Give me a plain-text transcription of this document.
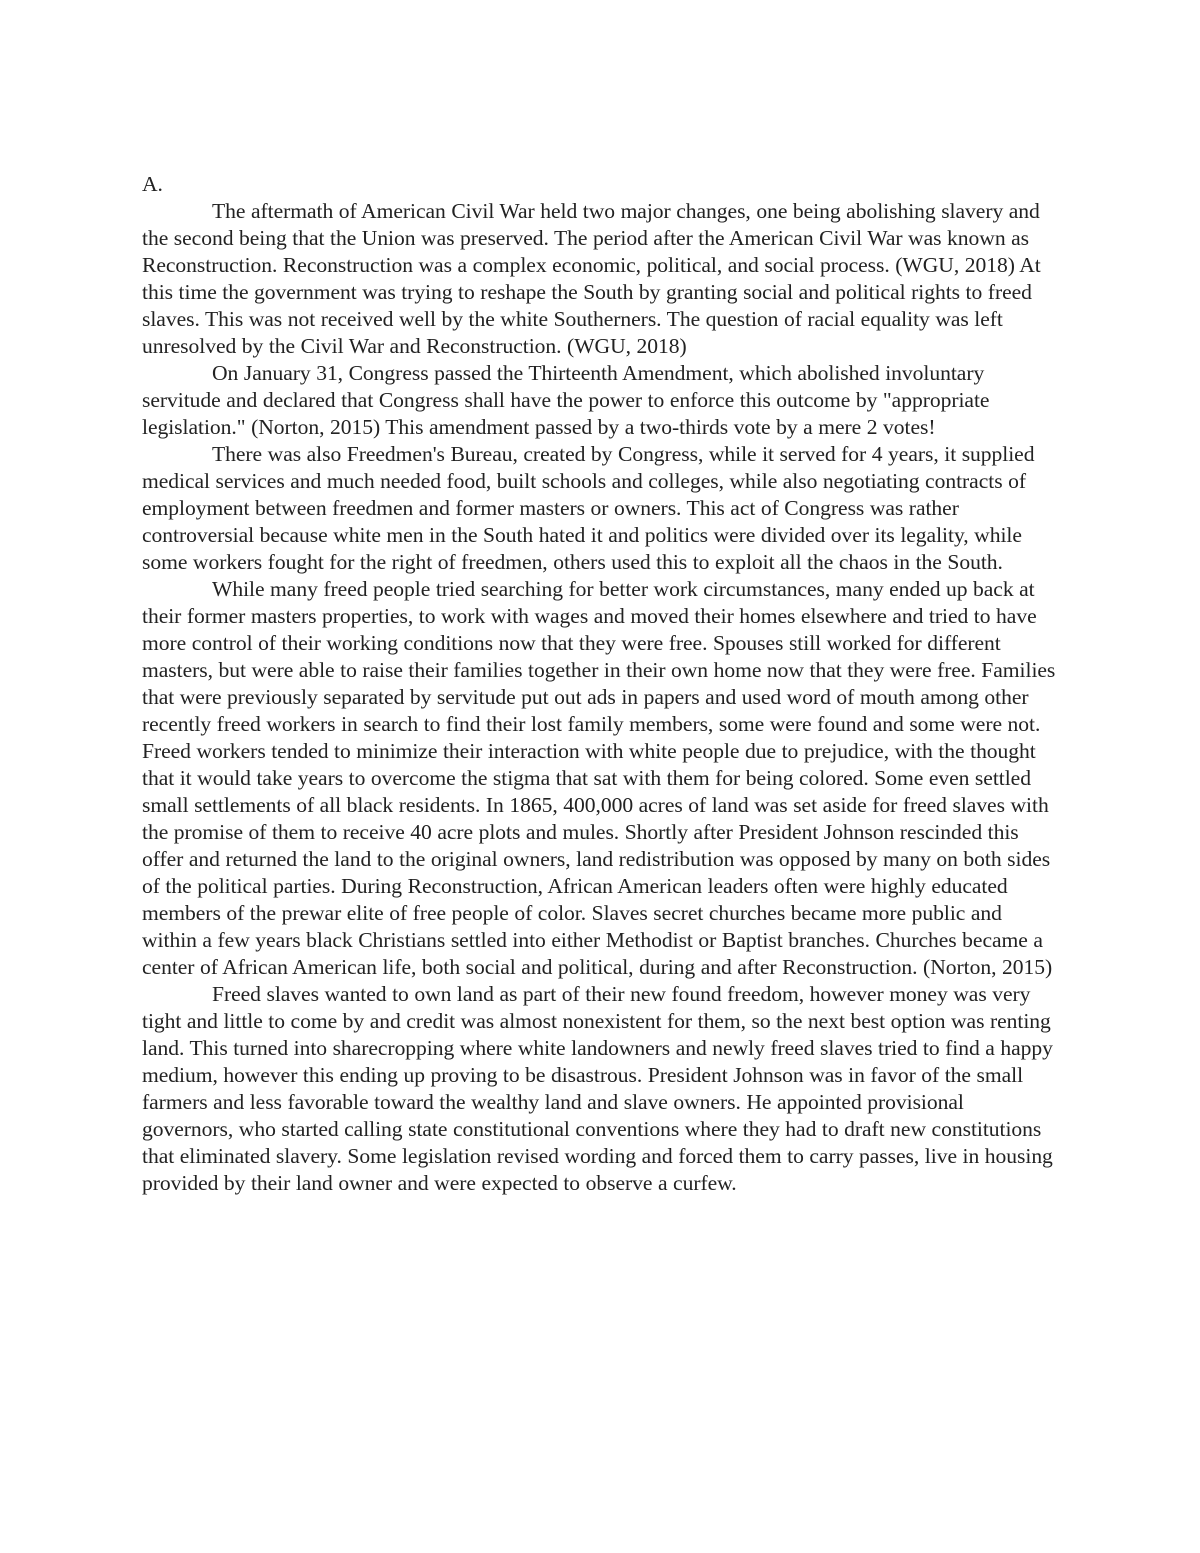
A.

The aftermath of American Civil War held two major changes, one being abolishing slavery and the second being that the Union was preserved. The period after the American Civil War was known as Reconstruction. Reconstruction was a complex economic, political, and social process. (WGU, 2018) At this time the government was trying to reshape the South by granting social and political rights to freed slaves. This was not received well by the white Southerners. The question of racial equality was left unresolved by the Civil War and Reconstruction. (WGU, 2018)

On January 31, Congress passed the Thirteenth Amendment, which abolished involuntary servitude and declared that Congress shall have the power to enforce this outcome by "appropriate legislation." (Norton, 2015) This amendment passed by a two-thirds vote by a mere 2 votes!

There was also Freedmen's Bureau, created by Congress, while it served for 4 years, it supplied medical services and much needed food, built schools and colleges, while also negotiating contracts of employment between freedmen and former masters or owners. This act of Congress was rather controversial because white men in the South hated it and politics were divided over its legality, while some workers fought for the right of freedmen, others used this to exploit all the chaos in the South.

While many freed people tried searching for better work circumstances, many ended up back at their former masters properties, to work with wages and moved their homes elsewhere and tried to have more control of their working conditions now that they were free. Spouses still worked for different masters, but were able to raise their families together in their own home now that they were free. Families that were previously separated by servitude put out ads in papers and used word of mouth among other recently freed workers in search to find their lost family members, some were found and some were not. Freed workers tended to minimize their interaction with white people due to prejudice, with the thought that it would take years to overcome the stigma that sat with them for being colored. Some even settled small settlements of all black residents. In 1865, 400,000 acres of land was set aside for freed slaves with the promise of them to receive 40 acre plots and mules. Shortly after President Johnson rescinded this offer and returned the land to the original owners, land redistribution was opposed by many on both sides of the political parties. During Reconstruction, African American leaders often were highly educated members of the prewar elite of free people of color. Slaves secret churches became more public and within a few years black Christians settled into either Methodist or Baptist branches. Churches became a center of African American life, both social and political, during and after Reconstruction. (Norton, 2015)

Freed slaves wanted to own land as part of their new found freedom, however money was very tight and little to come by and credit was almost nonexistent for them, so the next best option was renting land. This turned into sharecropping where white landowners and newly freed slaves tried to find a happy medium, however this ending up proving to be disastrous. President Johnson was in favor of the small farmers and less favorable toward the wealthy land and slave owners. He appointed provisional governors, who started calling state constitutional conventions where they had to draft new constitutions that eliminated slavery. Some legislation revised wording and forced them to carry passes, live in housing provided by their land owner and were expected to observe a curfew.
